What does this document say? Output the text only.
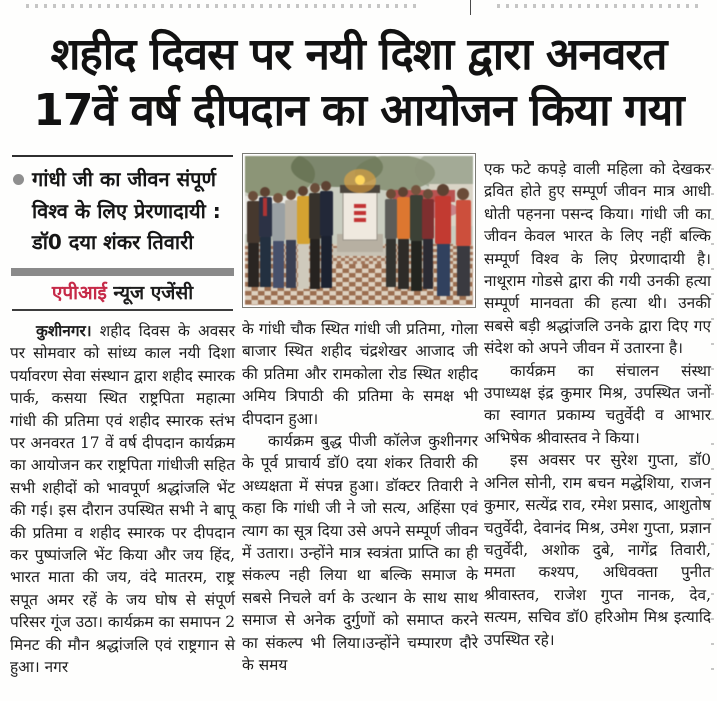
शहीद दिवस पर नयी दिशा द्वारा अनवरत
17वें वर्ष दीपदान का आयोजन किया गया
गांधी जी का जीवन संपूर्ण विश्व के लिए प्रेरणादायी : डॉ0 दया शंकर तिवारी
एपीआई न्यूज एजेंसी

कुशीनगर। शहीद दिवस के अवसर पर सोमवार को सांध्य काल नयी दिशा पर्यावरण सेवा संस्थान द्वारा शहीद स्मारक पार्क, कसया स्थित राष्ट्रपिता महात्मा गांधी की प्रतिमा एवं शहीद स्मारक स्तंभ पर अनवरत 17 वें वर्ष दीपदान कार्यक्रम का आयोजन कर राष्ट्रपिता गांधीजी सहित सभी शहीदों को भावपूर्ण श्रद्धांजलि भेंट की गई। इस दौरान उपस्थित सभी ने बापू की प्रतिमा व शहीद स्मारक पर दीपदान कर पुष्पांजलि भेंट किया और जय हिंद, भारत माता की जय, वंदे मातरम, राष्ट्र सपूत अमर रहें के जय घोष से संपूर्ण परिसर गूंज उठा। कार्यक्रम का समापन 2 मिनट की मौन श्रद्धांजलि एवं राष्ट्रगान से हुआ। नगर

के गांधी चौक स्थित गांधी जी प्रतिमा, गोला बाजार स्थित शहीद चंद्रशेखर आजाद जी की प्रतिमा और रामकोला रोड स्थित शहीद अमिय त्रिपाठी की प्रतिमा के समक्ष भी दीपदान हुआ।

कार्यक्रम बुद्ध पीजी कॉलेज कुशीनगर के पूर्व प्राचार्य डॉ0 दया शंकर तिवारी की अध्यक्षता में संपन्न हुआ। डॉक्टर तिवारी ने कहा कि गांधी जी ने जो सत्य, अहिंसा एवं त्याग का सूत्र दिया उसे अपने सम्पूर्ण जीवन में उतारा। उन्होंने मात्र स्वत्रंता प्राप्ति का ही संकल्प नही लिया था बल्कि समाज के सबसे निचले वर्ग के उत्थान के साथ साथ समाज से अनेक दुर्गुणों को समाप्त करने का संकल्प भी लिया।उन्होंने चम्पारण दौरे के समय

एक फटे कपड़े वाली महिला को देखकर द्रवित होते हुए सम्पूर्ण जीवन मात्र आधी धोती पहनना पसन्द किया। गांधी जी का जीवन केवल भारत के लिए नहीं बल्कि सम्पूर्ण विश्व के लिए प्रेरणादायी है। नाथूराम गोडसे द्वारा की गयी उनकी हत्या सम्पूर्ण मानवता की हत्या थी। उनकी सबसे बड़ी श्रद्धांजलि उनके द्वारा दिए गए संदेश को अपने जीवन में उतारना है।

कार्यक्रम का संचालन संस्था उपाध्यक्ष इंद्र कुमार मिश्र, उपस्थित जनों का स्वागत प्रकाम्य चतुर्वेदी व आभार अभिषेक श्रीवास्तव ने किया।

इस अवसर पर सुरेश गुप्ता, डॉ0 अनिल सोनी, राम बचन मद्धेशिया, राजन कुमार, सत्येंद्र राव, रमेश प्रसाद, आशुतोष चतुर्वेदी, देवानंद मिश्र, उमेश गुप्ता, प्रज्ञान चतुर्वेदी, अशोक दुबे, नागेंद्र तिवारी, ममता कश्यप, अधिवक्ता पुनीत श्रीवास्तव, राजेश गुप्त नानक, देव, सत्यम, सचिव डॉ0 हरिओम मिश्र इत्यादि उपस्थित रहे।
